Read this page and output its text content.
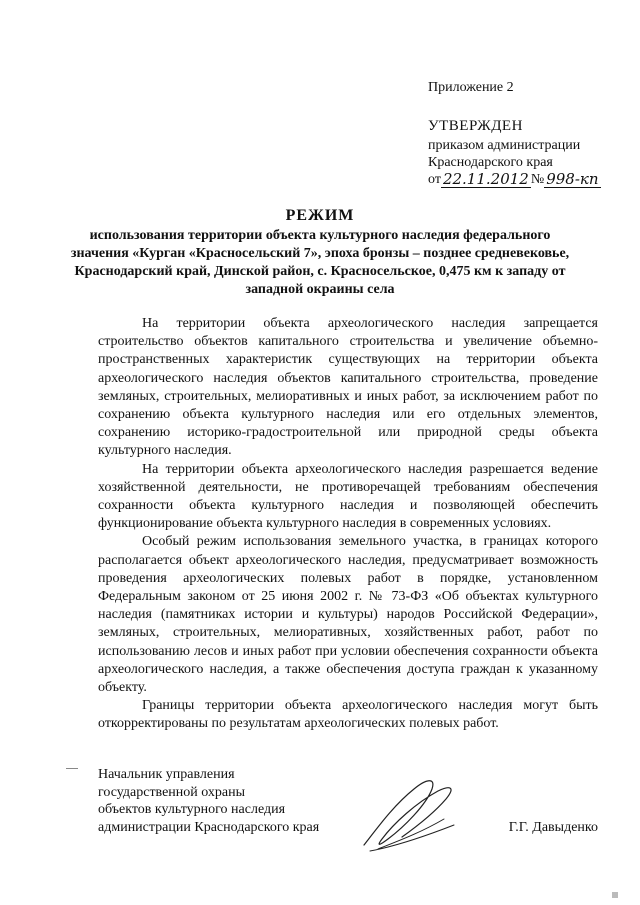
Приложение 2
УТВЕРЖДЕН
приказом администрации
Краснодарского края
от 22.11.2012 № 998-кп
РЕЖИМ
использования территории объекта культурного наследия федерального значения «Курган «Красносельский 7», эпоха бронзы – позднее средневековье, Краснодарский край, Динской район, с. Красносельское, 0,475 км к западу от западной окраины села

На территории объекта археологического наследия запрещается строительство объектов капитального строительства и увеличение объемно-пространственных характеристик существующих на территории объекта археологического наследия объектов капитального строительства, проведение земляных, строительных, мелиоративных и иных работ, за исключением работ по сохранению объекта культурного наследия или его отдельных элементов, сохранению историко-градостроительной или природной среды объекта культурного наследия.

На территории объекта археологического наследия разрешается ведение хозяйственной деятельности, не противоречащей требованиям обеспечения сохранности объекта культурного наследия и позволяющей обеспечить функционирование объекта культурного наследия в современных условиях.

Особый режим использования земельного участка, в границах которого располагается объект археологического наследия, предусматривает возможность проведения археологических полевых работ в порядке, установленном Федеральным законом от 25 июня 2002 г. № 73-ФЗ «Об объектах культурного наследия (памятниках истории и культуры) народов Российской Федерации», земляных, строительных, мелиоративных, хозяйственных работ, работ по использованию лесов и иных работ при условии обеспечения сохранности объекта археологического наследия, а также обеспечения доступа граждан к указанному объекту.

Границы территории объекта археологического наследия могут быть откорректированы по результатам археологических полевых работ.

Начальник управления
государственной охраны
объектов культурного наследия
администрации Краснодарского края	Г.Г. Давыденко
